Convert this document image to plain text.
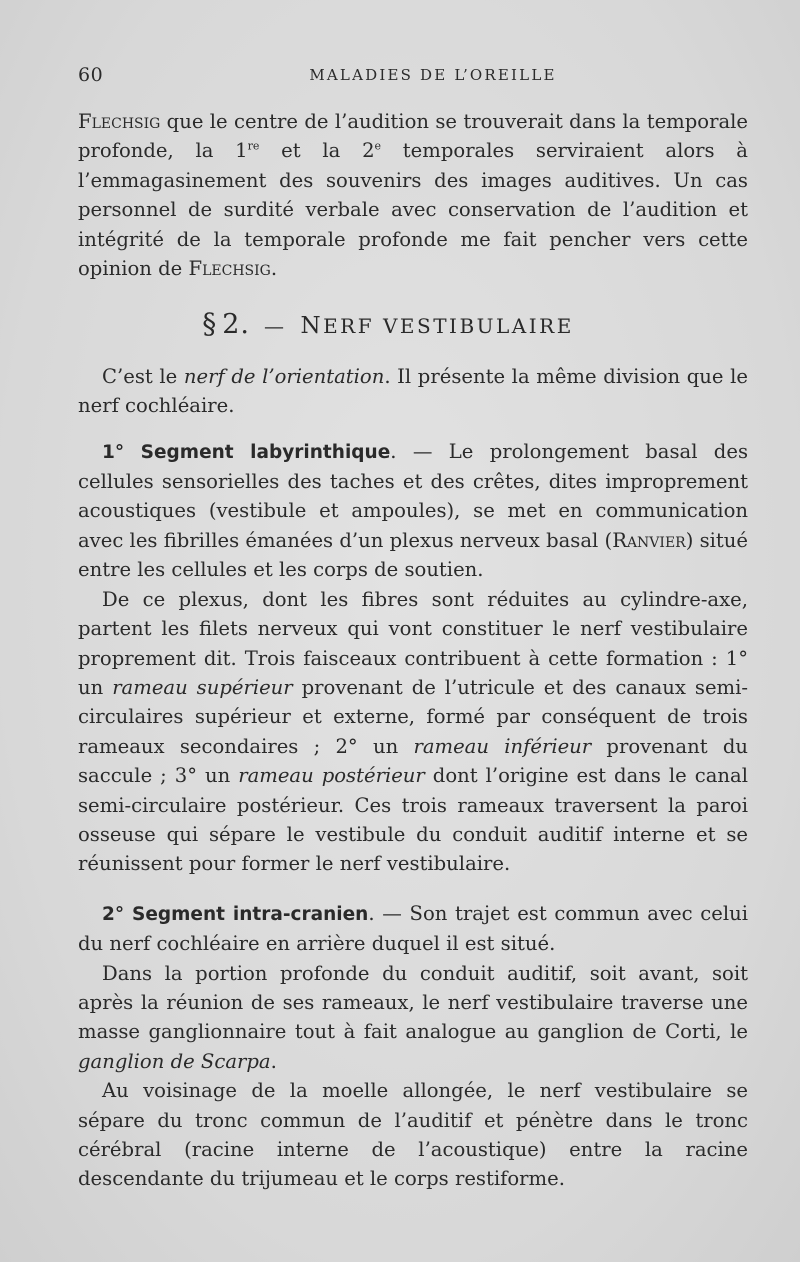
60	MALADIES DE L’OREILLE

Flechsig que le centre de l’audition se trouverait dans la temporale profonde, la 1re et la 2e temporales serviraient alors à l’emmagasinement des souvenirs des images auditives. Un cas personnel de surdité verbale avec conservation de l’audition et intégrité de la temporale profonde me fait pencher vers cette opinion de Flechsig.

§ 2. — NERF VESTIBULAIRE

C’est le nerf de l’orientation. Il présente la même division que le nerf cochléaire.

1° Segment labyrinthique. — Le prolongement basal des cellules sensorielles des taches et des crêtes, dites improprement acoustiques (vestibule et ampoules), se met en communication avec les fibrilles émanées d’un plexus nerveux basal (Ranvier) situé entre les cellules et les corps de soutien.

De ce plexus, dont les fibres sont réduites au cylindre-axe, partent les filets nerveux qui vont constituer le nerf vestibulaire proprement dit. Trois faisceaux contribuent à cette formation : 1° un rameau supérieur provenant de l’utricule et des canaux semi-circulaires supérieur et externe, formé par conséquent de trois rameaux secondaires ; 2° un rameau inférieur provenant du saccule ; 3° un rameau postérieur dont l’origine est dans le canal semi-circulaire postérieur. Ces trois rameaux traversent la paroi osseuse qui sépare le vestibule du conduit auditif interne et se réunissent pour former le nerf vestibulaire.

2° Segment intra-cranien. — Son trajet est commun avec celui du nerf cochléaire en arrière duquel il est situé.

Dans la portion profonde du conduit auditif, soit avant, soit après la réunion de ses rameaux, le nerf vestibulaire traverse une masse ganglionnaire tout à fait analogue au ganglion de Corti, le ganglion de Scarpa.

Au voisinage de la moelle allongée, le nerf vestibulaire se sépare du tronc commun de l’auditif et pénètre dans le tronc cérébral (racine interne de l’acoustique) entre la racine descendante du trijumeau et le corps restiforme.
